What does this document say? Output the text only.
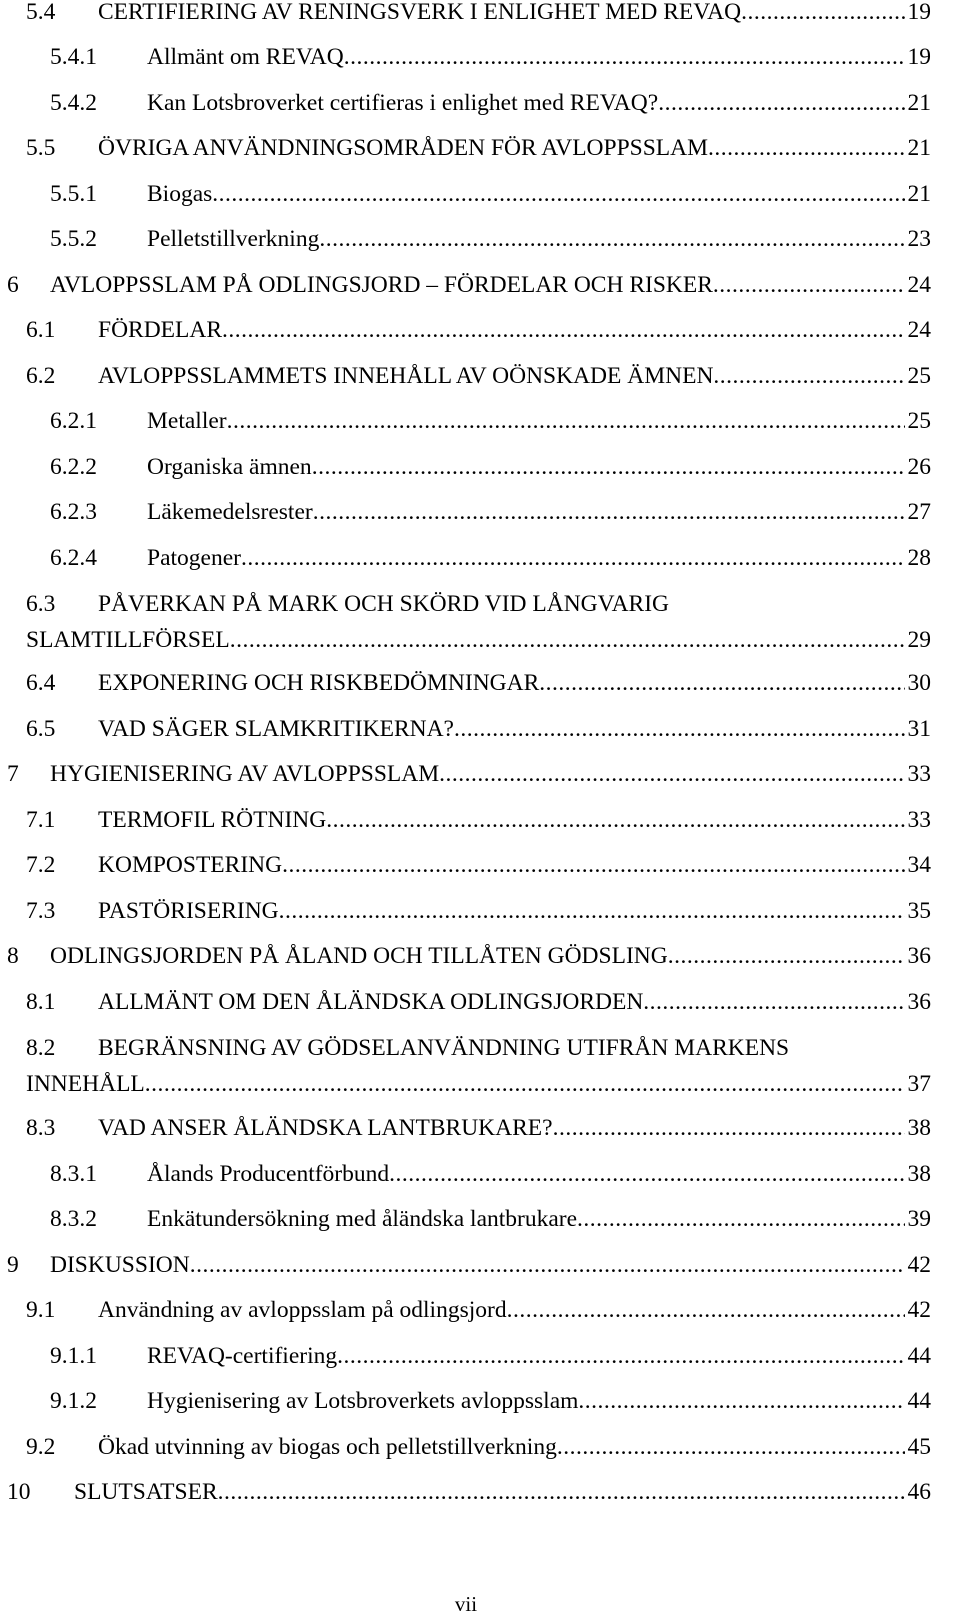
5.4 CERTIFIERING AV RENINGSVERK I ENLIGHET MED REVAQ .....	19
5.4.1 Allmänt om REVAQ .....	19
5.4.2 Kan Lotsbroverket certifieras i enlighet med REVAQ? .....	21
5.5 ÖVRIGA ANVÄNDNINGSOMRÅDEN FÖR AVLOPPSSLAM .....	21
5.5.1 Biogas .....	21
5.5.2 Pelletstillverkning .....	23
6 AVLOPPSSLAM PÅ ODLINGSJORD – FÖRDELAR OCH RISKER .....	24
6.1 FÖRDELAR .....	24
6.2 AVLOPPSSLAMMETS INNEHÅLL AV OÖNSKADE ÄMNEN .....	25
6.2.1 Metaller .....	25
6.2.2 Organiska ämnen .....	26
6.2.3 Läkemedelsrester .....	27
6.2.4 Patogener .....	28
6.3 PÅVERKAN PÅ MARK OCH SKÖRD VID LÅNGVARIG
SLAMTILLFÖRSEL .....	29
6.4 EXPONERING OCH RISKBEDÖMNINGAR .....	30
6.5 VAD SÄGER SLAMKRITIKERNA? .....	31
7 HYGIENISERING AV AVLOPPSSLAM .....	33
7.1 TERMOFIL RÖTNING .....	33
7.2 KOMPOSTERING .....	34
7.3 PASTÖRISERING .....	35
8 ODLINGSJORDEN PÅ ÅLAND OCH TILLÅTEN GÖDSLING .....	36
8.1 ALLMÄNT OM DEN ÅLÄNDSKA ODLINGSJORDEN .....	36
8.2 BEGRÄNSNING AV GÖDSELANVÄNDNING UTIFRÅN MARKENS
INNEHÅLL .....	37
8.3 VAD ANSER ÅLÄNDSKA LANTBRUKARE? .....	38
8.3.1 Ålands Producentförbund .....	38
8.3.2 Enkätundersökning med åländska lantbrukare .....	39
9 DISKUSSION .....	42
9.1 Användning av avloppsslam på odlingsjord .....	42
9.1.1 REVAQ-certifiering .....	44
9.1.2 Hygienisering av Lotsbroverkets avloppsslam .....	44
9.2 Ökad utvinning av biogas och pelletstillverkning .....	45
10 SLUTSATSER .....	46
vii
